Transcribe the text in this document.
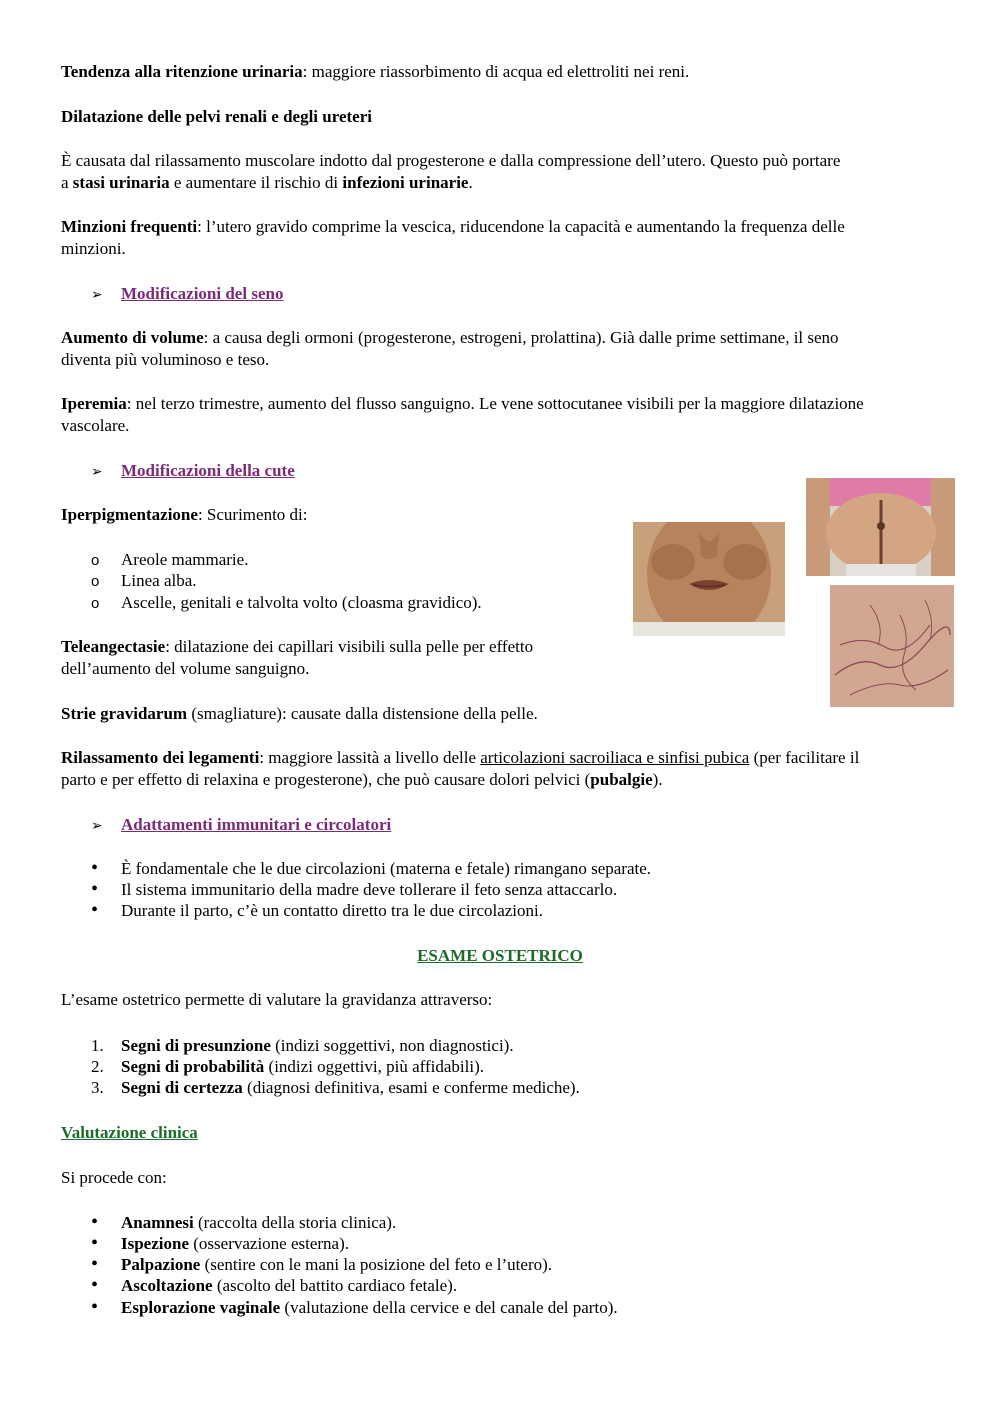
Tendenza alla ritenzione urinaria: maggiore riassorbimento di acqua ed elettroliti nei reni.

Dilatazione delle pelvi renali e degli ureteri

È causata dal rilassamento muscolare indotto dal progesterone e dalla compressione dell’utero. Questo può portare
a stasi urinaria e aumentare il rischio di infezioni urinarie.
Minzioni frequenti: l’utero gravido comprime la vescica, riducendone la capacità e aumentando la frequenza delle
minzioni.
➢ Modificazioni del seno
Aumento di volume: a causa degli ormoni (progesterone, estrogeni, prolattina). Già dalle prime settimane, il seno
diventa più voluminoso e teso.
Iperemia: nel terzo trimestre, aumento del flusso sanguigno. Le vene sottocutanee visibili per la maggiore dilatazione
vascolare.
➢ Modificazioni della cute

Iperpigmentazione: Scurimento di:

o Areole mammarie.
o Linea alba.
o Ascelle, genitali e talvolta volto (cloasma gravidico).
Teleangectasie: dilatazione dei capillari visibili sulla pelle per effetto
dell’aumento del volume sanguigno.

Strie gravidarum (smagliature): causate dalla distensione della pelle.

Rilassamento dei legamenti: maggiore lassità a livello delle articolazioni sacroiliaca e sinfisi pubica (per facilitare il
parto e per effetto di relaxina e progesterone), che può causare dolori pelvici (pubalgie).
➢ Adattamenti immunitari e circolatori
• È fondamentale che le due circolazioni (materna e fetale) rimangano separate.
• Il sistema immunitario della madre deve tollerare il feto senza attaccarlo.
• Durante il parto, c’è un contatto diretto tra le due circolazioni.
ESAME OSTETRICO

L’esame ostetrico permette di valutare la gravidanza attraverso:

1. Segni di presunzione (indizi soggettivi, non diagnostici).
2. Segni di probabilità (indizi oggettivi, più affidabili).
3. Segni di certezza (diagnosi definitiva, esami e conferme mediche).

Valutazione clinica

Si procede con:

• Anamnesi (raccolta della storia clinica).
• Ispezione (osservazione esterna).
• Palpazione (sentire con le mani la posizione del feto e l’utero).
• Ascoltazione (ascolto del battito cardiaco fetale).
• Esplorazione vaginale (valutazione della cervice e del canale del parto).
